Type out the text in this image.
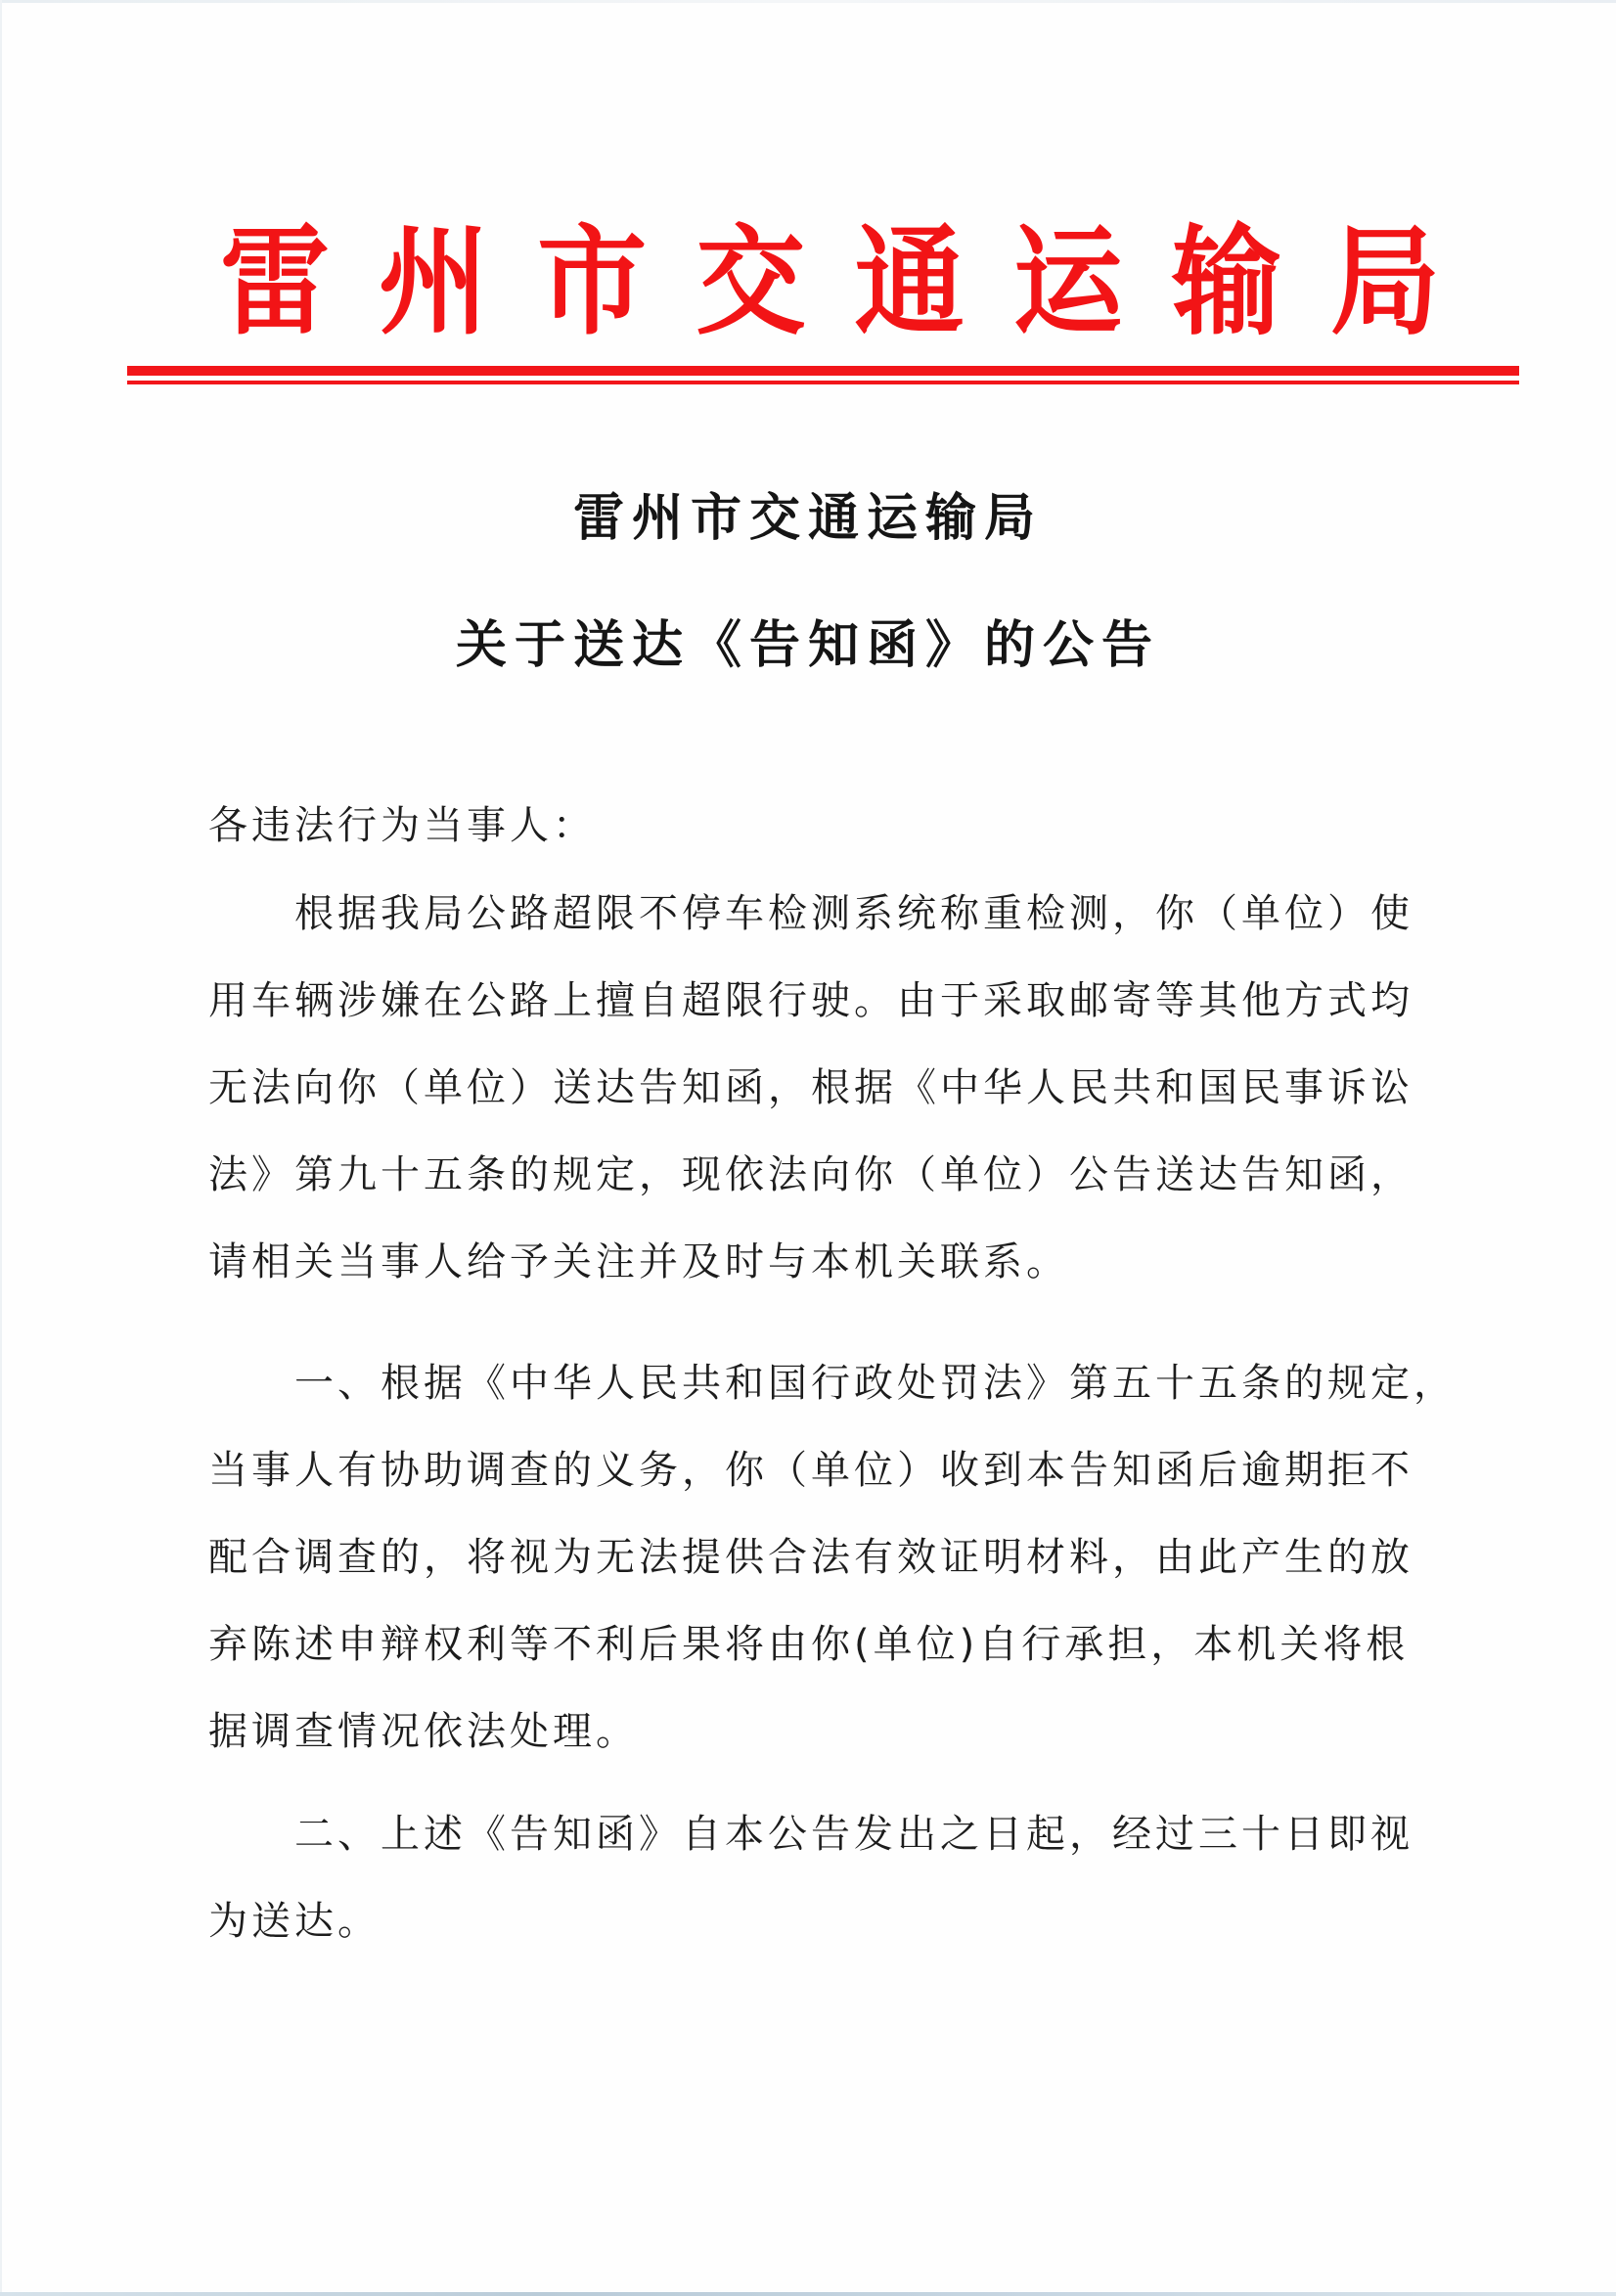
雷 州 市 交 通 运 输 局
雷州市交通运输局
关于送达《告知函》的公告
各违法行为当事人：
根据我局公路超限不停车检测系统称重检测，你（单位）使
用车辆涉嫌在公路上擅自超限行驶。由于采取邮寄等其他方式均
无法向你（单位）送达告知函，根据《中华人民共和国民事诉讼
法》第九十五条的规定，现依法向你（单位）公告送达告知函，
请相关当事人给予关注并及时与本机关联系。
一、根据《中华人民共和国行政处罚法》第五十五条的规定，
当事人有协助调查的义务，你（单位）收到本告知函后逾期拒不
配合调查的，将视为无法提供合法有效证明材料，由此产生的放
弃陈述申辩权利等不利后果将由你(单位)自行承担，本机关将根
据调查情况依法处理。
二、上述《告知函》自本公告发出之日起，经过三十日即视
为送达。
